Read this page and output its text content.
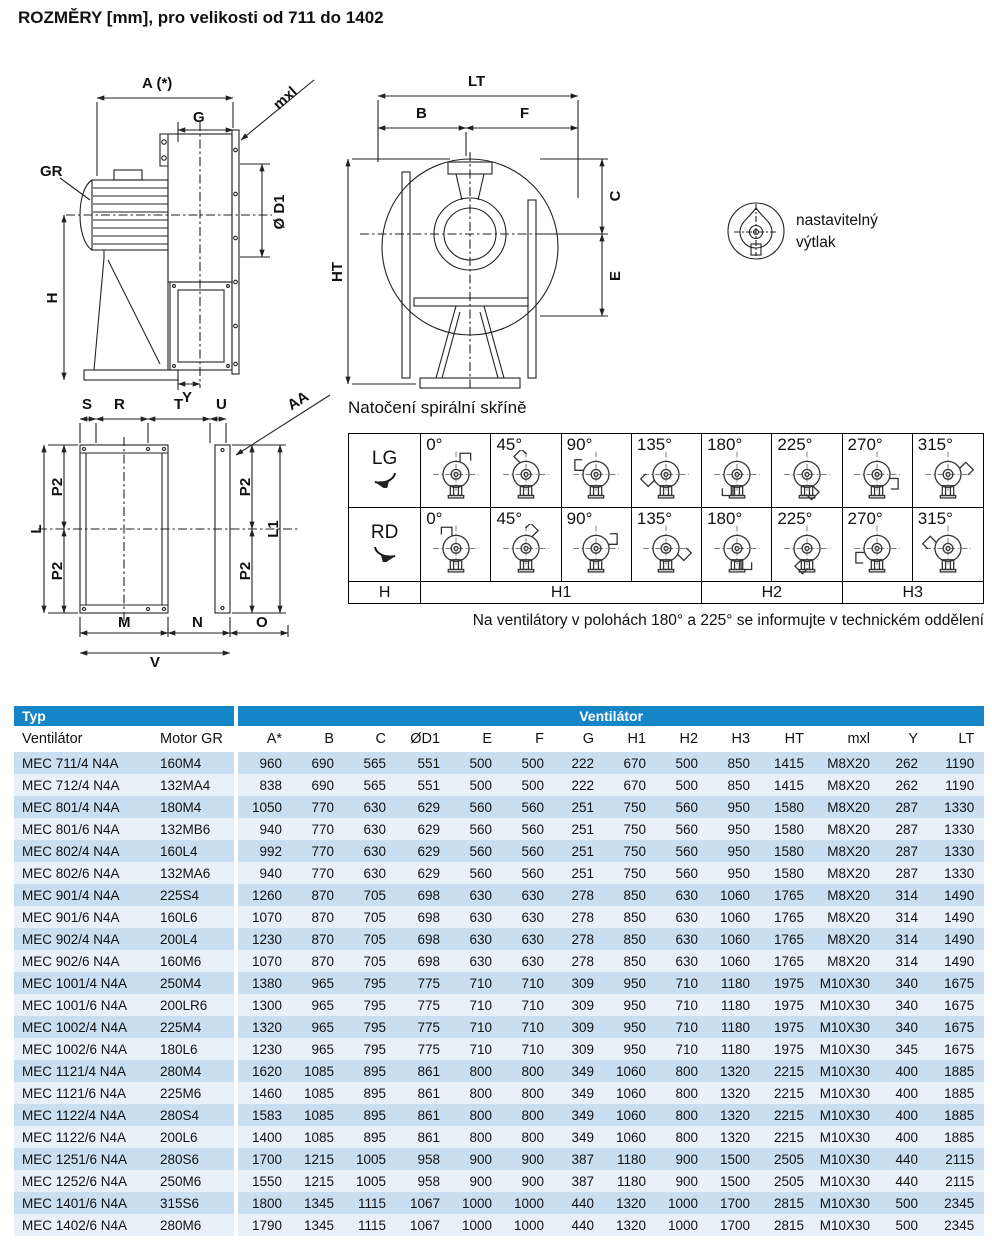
ROZMĚRY [mm], pro velikosti od 711 do 1402
GR
A (*)
G
mxl
Ø D1
H
Y
LT
B	F
HT
C
E
S R	T U	AA
L
P2
P2
P2
P2
L1
M	N	O
V
nastavitelný
výtlak
Natočení spirální skříně
LG	0°	45°	90°	135°	180°	225°	270°	315°

RD	0°	45°	90°	135°	180°	225°	270°	315°

H	H1				H2		H3	
Na ventilátory v polohách 180° a 225° se informujte v technickém oddělení
Typ		Ventilátor													
Ventilátor	Motor GR	A*	B	C	ØD1	E	F	G	H1	H2	H3	HT	mxl	Y	LT
MEC 711/4 N4A	160M4	960	690	565	551	500	500	222	670	500	850	1415	M8X20	262	1190
MEC 712/4 N4A	132MA4	838	690	565	551	500	500	222	670	500	850	1415	M8X20	262	1190
MEC 801/4 N4A	180M4	1050	770	630	629	560	560	251	750	560	950	1580	M8X20	287	1330
MEC 801/6 N4A	132MB6	940	770	630	629	560	560	251	750	560	950	1580	M8X20	287	1330
MEC 802/4 N4A	160L4	992	770	630	629	560	560	251	750	560	950	1580	M8X20	287	1330
MEC 802/6 N4A	132MA6	940	770	630	629	560	560	251	750	560	950	1580	M8X20	287	1330
MEC 901/4 N4A	225S4	1260	870	705	698	630	630	278	850	630	1060	1765	M8X20	314	1490
MEC 901/6 N4A	160L6	1070	870	705	698	630	630	278	850	630	1060	1765	M8X20	314	1490
MEC 902/4 N4A	200L4	1230	870	705	698	630	630	278	850	630	1060	1765	M8X20	314	1490
MEC 902/6 N4A	160M6	1070	870	705	698	630	630	278	850	630	1060	1765	M8X20	314	1490
MEC 1001/4 N4A	250M4	1380	965	795	775	710	710	309	950	710	1180	1975	M10X30	340	1675
MEC 1001/6 N4A	200LR6	1300	965	795	775	710	710	309	950	710	1180	1975	M10X30	340	1675
MEC 1002/4 N4A	225M4	1320	965	795	775	710	710	309	950	710	1180	1975	M10X30	340	1675
MEC 1002/6 N4A	180L6	1230	965	795	775	710	710	309	950	710	1180	1975	M10X30	345	1675
MEC 1121/4 N4A	280M4	1620	1085	895	861	800	800	349	1060	800	1320	2215	M10X30	400	1885
MEC 1121/6 N4A	225M6	1460	1085	895	861	800	800	349	1060	800	1320	2215	M10X30	400	1885
MEC 1122/4 N4A	280S4	1583	1085	895	861	800	800	349	1060	800	1320	2215	M10X30	400	1885
MEC 1122/6 N4A	200L6	1400	1085	895	861	800	800	349	1060	800	1320	2215	M10X30	400	1885
MEC 1251/6 N4A	280S6	1700	1215	1005	958	900	900	387	1180	900	1500	2505	M10X30	440	2115
MEC 1252/6 N4A	250M6	1550	1215	1005	958	900	900	387	1180	900	1500	2505	M10X30	440	2115
MEC 1401/6 N4A	315S6	1800	1345	1115	1067	1000	1000	440	1320	1000	1700	2815	M10X30	500	2345
MEC 1402/6 N4A	280M6	1790	1345	1115	1067	1000	1000	440	1320	1000	1700	2815	M10X30	500	2345
